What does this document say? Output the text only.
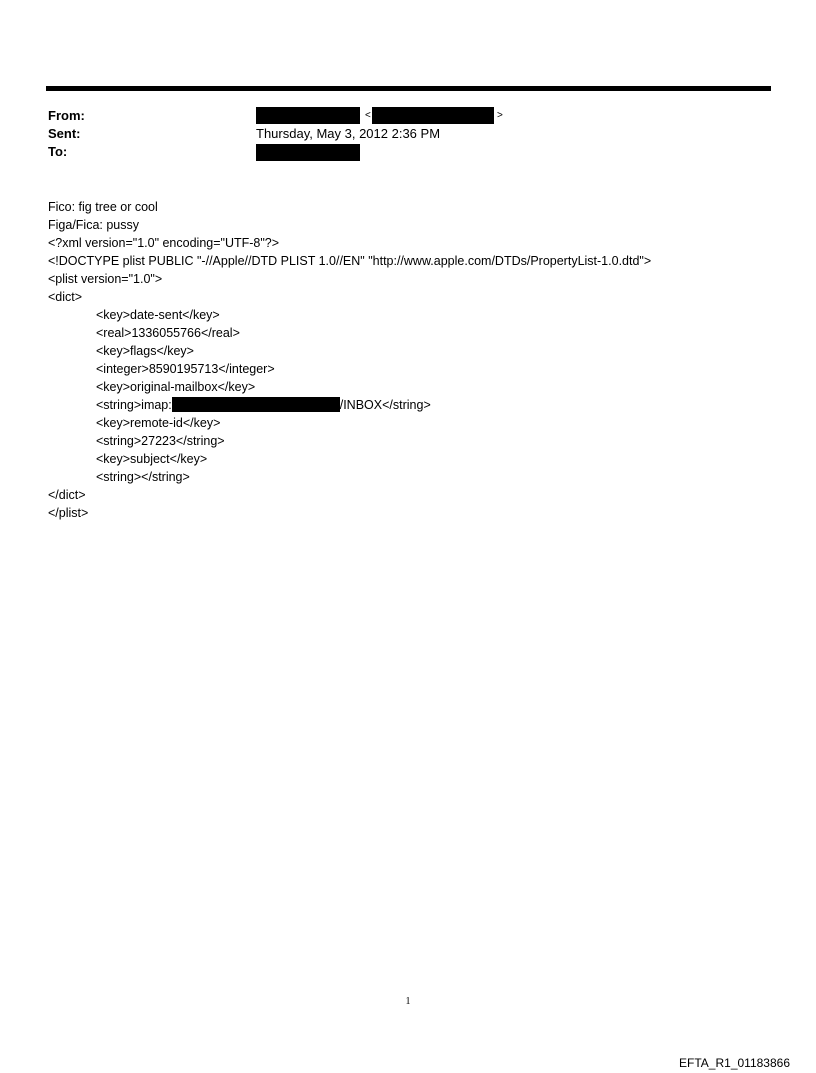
From:
Sent:
To:
<	>
Thursday, May 3, 2012 2:36 PM
Fico: fig tree or cool
Figa/Fica: pussy
<?xml version="1.0" encoding="UTF-8"?>
<!DOCTYPE plist PUBLIC "-//Apple//DTD PLIST 1.0//EN" "http://www.apple.com/DTDs/PropertyList-1.0.dtd">
<plist version="1.0">
<dict>
<key>date-sent</key>
<real>1336055766</real>
<key>flags</key>
<integer>8590195713</integer>
<key>original-mailbox</key>
<string>imap:	/INBOX</string>
<key>remote-id</key>
<string>27223</string>
<key>subject</key>
<string></string>
</dict>
</plist>
1
EFTA_R1_01183866
